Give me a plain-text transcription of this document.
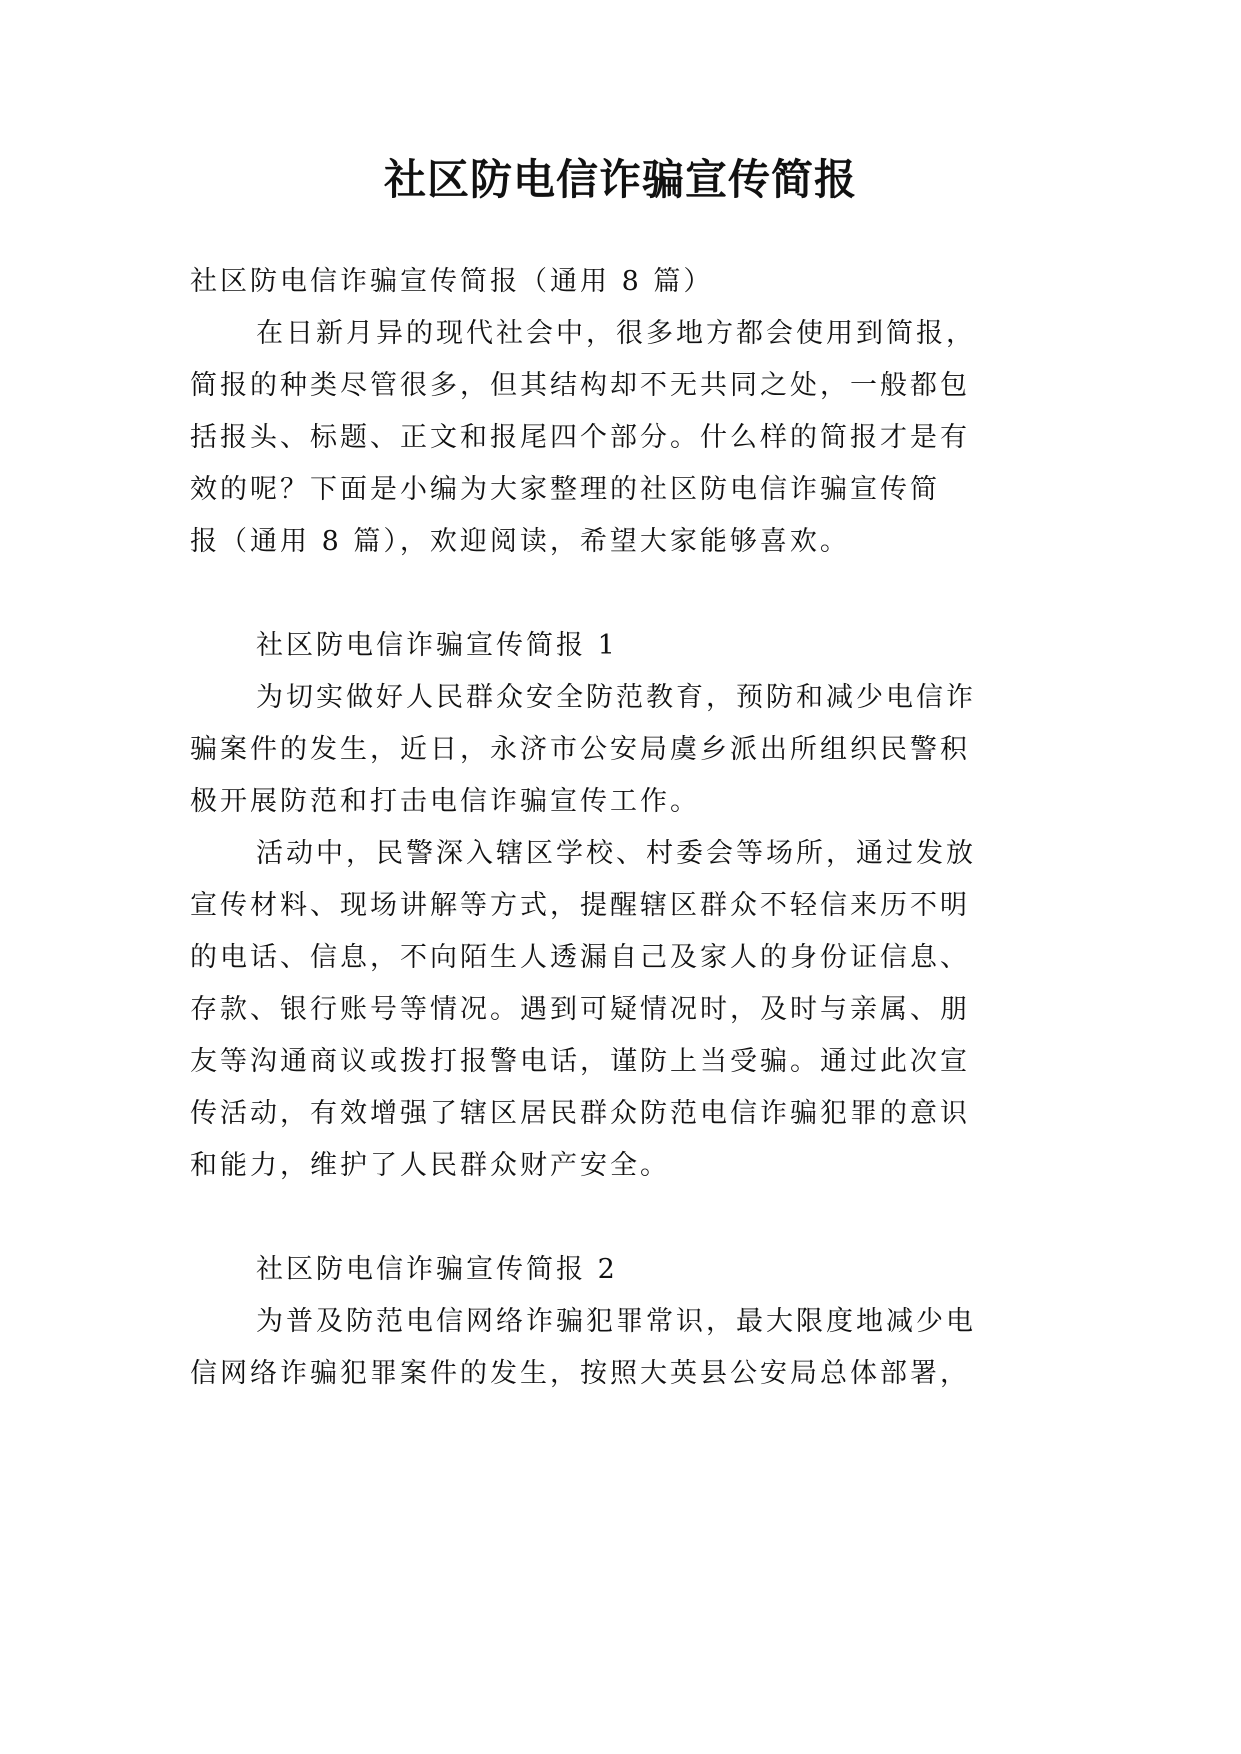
社区防电信诈骗宣传简报
社区防电信诈骗宣传简报（通用 8 篇）
在日新月异的现代社会中，很多地方都会使用到简报，
简报的种类尽管很多，但其结构却不无共同之处，一般都包
括报头、标题、正文和报尾四个部分。什么样的简报才是有
效的呢？下面是小编为大家整理的社区防电信诈骗宣传简
报（通用 8 篇），欢迎阅读，希望大家能够喜欢。
社区防电信诈骗宣传简报 1
为切实做好人民群众安全防范教育，预防和减少电信诈
骗案件的发生，近日，永济市公安局虞乡派出所组织民警积
极开展防范和打击电信诈骗宣传工作。
活动中，民警深入辖区学校、村委会等场所，通过发放
宣传材料、现场讲解等方式，提醒辖区群众不轻信来历不明
的电话、信息，不向陌生人透漏自己及家人的身份证信息、
存款、银行账号等情况。遇到可疑情况时，及时与亲属、朋
友等沟通商议或拨打报警电话，谨防上当受骗。通过此次宣
传活动，有效增强了辖区居民群众防范电信诈骗犯罪的意识
和能力，维护了人民群众财产安全。
社区防电信诈骗宣传简报 2
为普及防范电信网络诈骗犯罪常识，最大限度地减少电
信网络诈骗犯罪案件的发生，按照大英县公安局总体部署，
